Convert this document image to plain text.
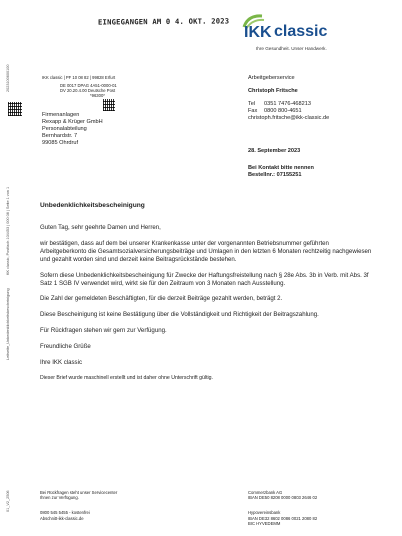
EINGEGANGEN AM 0 4. OKT. 2023
IKK classic
Ihre Gesundheit. Unser Handwerk.
2023100600100
KK classic, Postfach 104453 | 000 08 | Seite 1 von 1
Leitseite_Unbedenklichkeitsbescheinigung
01_V2_2506
IKK classic | PF 10 08 82 | 99828 Erfurt
DE 0017 DPAG 4A51-0000-01
DV 20.20.4.00 Deutsche Post
*96300*
Firmenanlagen
Rexapp & Krüger GmbH
Personalabteilung
Bernhardstr. 7
99085 Ohrdruf
Arbeitgeberservice
Christoph Fritsche
Tel 0351 7476-468213
Fax 0800 800-4651
christoph.fritsche@ikk-classic.de
28. September 2023
Bei Kontakt bitte nennen
Bestellnr.: 07155251
Unbedenklichkeitsbescheinigung

Guten Tag, sehr geehrte Damen und Herren,

wir bestätigen, dass auf dem bei unserer Krankenkasse unter der vorgenannten Betriebsnummer geführten Arbeitgeberkonto die Gesamtsozialversicherungsbeiträge und Umlagen in den letzten 6 Monaten rechtzeitig nachgewiesen und gezahlt worden sind und derzeit keine Beitragsrückstände bestehen.

Sofern diese Unbedenklichkeitsbescheinigung für Zwecke der Haftungsfreistellung nach § 28e Abs. 3b in Verb. mit Abs. 3f Satz 1 SGB IV verwendet wird, wirkt sie für den Zeitraum von 3 Monaten nach Ausstellung.

Die Zahl der gemeldeten Beschäftigten, für die derzeit Beiträge gezahlt werden, beträgt 2.

Diese Bescheinigung ist keine Bestätigung über die Vollständigkeit und Richtigkeit der Beitragszahlung.

Für Rückfragen stehen wir gern zur Verfügung.

Freundliche Grüße

Ihre IKK classic

Dieser Brief wurde maschinell erstellt und ist daher ohne Unterschrift gültig.

Bei Rückfragen steht unser Servicecenter
Ihnen zur Verfügung.
0800 545 5455 - kostenfrei
Abschnitt-ikk-classic.de
Commerzbank AG
IBAN DE50 8208 0000 0803 2646 02
Hypovereinsbank
IBAN DE32 8602 0086 0021 2080 82
BIC HYVEDEMM
